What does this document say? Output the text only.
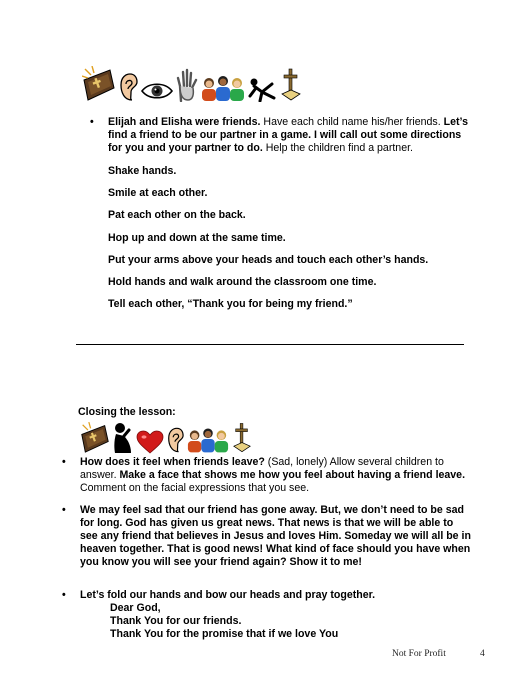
• Elijah and Elisha were friends. Have each child name his/her friends. Let’s find a friend to be our partner in a game. I will call out some directions for you and your partner to do. Help the children find a partner.

Shake hands.

Smile at each other.

Pat each other on the back.

Hop up and down at the same time.

Put your arms above your heads and touch each other’s hands.

Hold hands and walk around the classroom one time.

Tell each other, “Thank you for being my friend.”

Closing the lesson:

• How does it feel when friends leave? (Sad, lonely) Allow several children to answer. Make a face that shows me how you feel about having a friend leave. Comment on the facial expressions that you see.

• We may feel sad that our friend has gone away. But, we don’t need to be sad for long. God has given us great news. That news is that we will be able to see any friend that believes in Jesus and loves Him. Someday we will all be in heaven together. That is good news! What kind of face should you have when you know you will see your friend again? Show it to me!

• Let’s fold our hands and bow our heads and pray together.

Dear God,

Thank You for our friends.

Thank You for the promise that if we love You

Not For Profit	4
